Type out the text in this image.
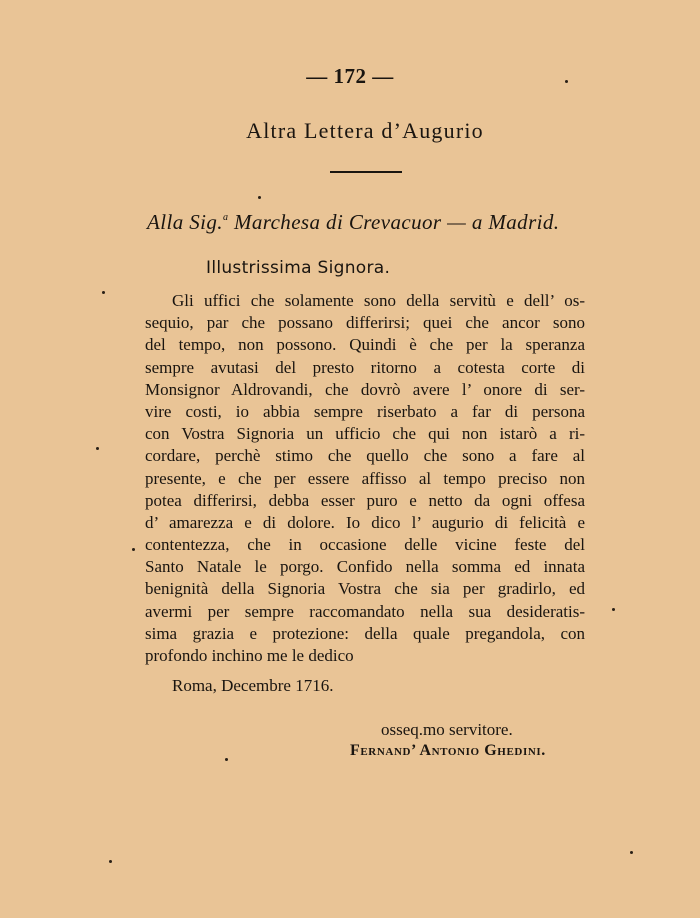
— 172 —
Altra Lettera d’Augurio
Alla Sig.$^a$ Marchesa di Crevacuor — a Madrid.
Illustrissima Signora.
Gli uffici che solamente sono della servitù e dell’ os-
sequio, par che possano differirsi; quei che ancor sono
del tempo, non possono. Quindi è che per la speranza
sempre avutasi del presto ritorno a cotesta corte di
Monsignor Aldrovandi, che dovrò avere l’ onore di ser-
vire costi, io abbia sempre riserbato a far di persona
con Vostra Signoria un ufficio che qui non istarò a ri-
cordare, perchè stimo che quello che sono a fare al
presente, e che per essere affisso al tempo preciso non
potea differirsi, debba esser puro e netto da ogni offesa
d’ amarezza e di dolore. Io dico l’ augurio di felicità e
contentezza, che in occasione delle vicine feste del
Santo Natale le porgo. Confido nella somma ed innata
benignità della Signoria Vostra che sia per gradirlo, ed
avermi per sempre raccomandato nella sua desideratis-
sima grazia e protezione: della quale pregandola, con
profondo inchino me le dedico
Roma, Decembre 1716.
osseq.mo servitore.
Fernand’ Antonio Ghedini.
